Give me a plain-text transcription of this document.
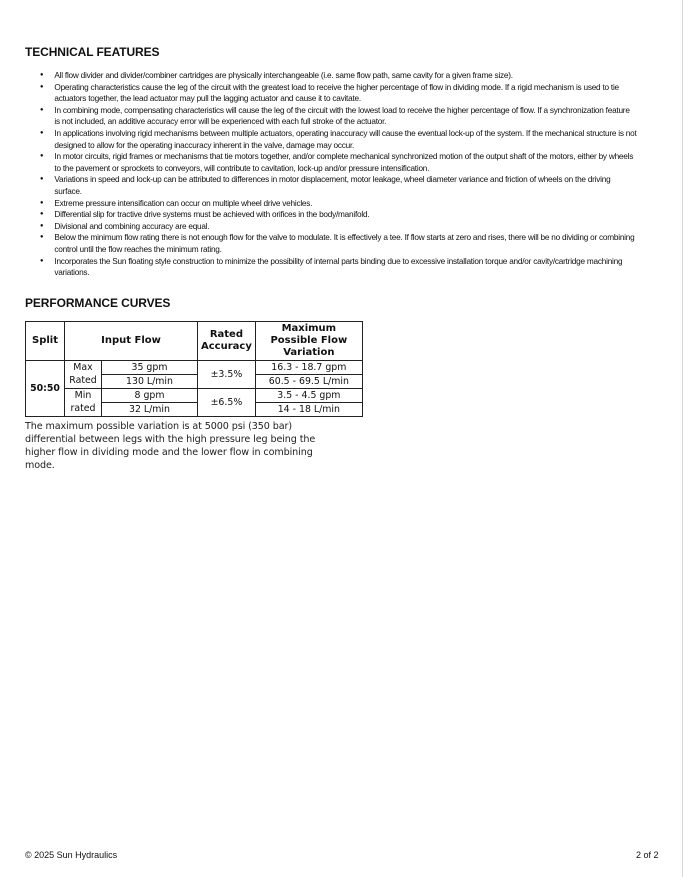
TECHNICAL FEATURES
● All flow divider and divider/combiner cartridges are physically interchangeable (i.e. same flow path, same cavity for a given frame size).
● Operating characteristics cause the leg of the circuit with the greatest load to receive the higher percentage of flow in dividing mode. If a rigid mechanism is used to tie actuators together, the lead actuator may pull the lagging actuator and cause it to cavitate.
● In combining mode, compensating characteristics will cause the leg of the circuit with the lowest load to receive the higher percentage of flow. If a synchronization feature is not included, an additive accuracy error will be experienced with each full stroke of the actuator.
● In applications involving rigid mechanisms between multiple actuators, operating inaccuracy will cause the eventual lock-up of the system. If the mechanical structure is not designed to allow for the operating inaccuracy inherent in the valve, damage may occur.
● In motor circuits, rigid frames or mechanisms that tie motors together, and/or complete mechanical synchronized motion of the output shaft of the motors, either by wheels to the pavement or sprockets to conveyors, will contribute to cavitation, lock-up and/or pressure intensification.
● Variations in speed and lock-up can be attributed to differences in motor displacement, motor leakage, wheel diameter variance and friction of wheels on the driving surface.
● Extreme pressure intensification can occur on multiple wheel drive vehicles.
● Differential slip for tractive drive systems must be achieved with orifices in the body/manifold.
● Divisional and combining accuracy are equal.
● Below the minimum flow rating there is not enough flow for the valve to modulate. It is effectively a tee. If flow starts at zero and rises, there will be no dividing or combining control until the flow reaches the minimum rating.
● Incorporates the Sun floating style construction to minimize the possibility of internal parts binding due to excessive installation torque and/or cavity/cartridge machining variations.
PERFORMANCE CURVES
Split	Input Flow		Rated Accuracy	Maximum Possible Flow Variation
50:50	Max	35 gpm	±3.5%	16.3 - 18.7 gpm
	Rated	130 L/min		60.5 - 69.5 L/min
	Min	8 gpm	±6.5%	3.5 - 4.5 gpm
	rated	32 L/min		14 - 18 L/min
The maximum possible variation is at 5000 psi (350 bar) differential between legs with the high pressure leg being the higher flow in dividing mode and the lower flow in combining mode.
© 2025 Sun Hydraulics	2 of 2
